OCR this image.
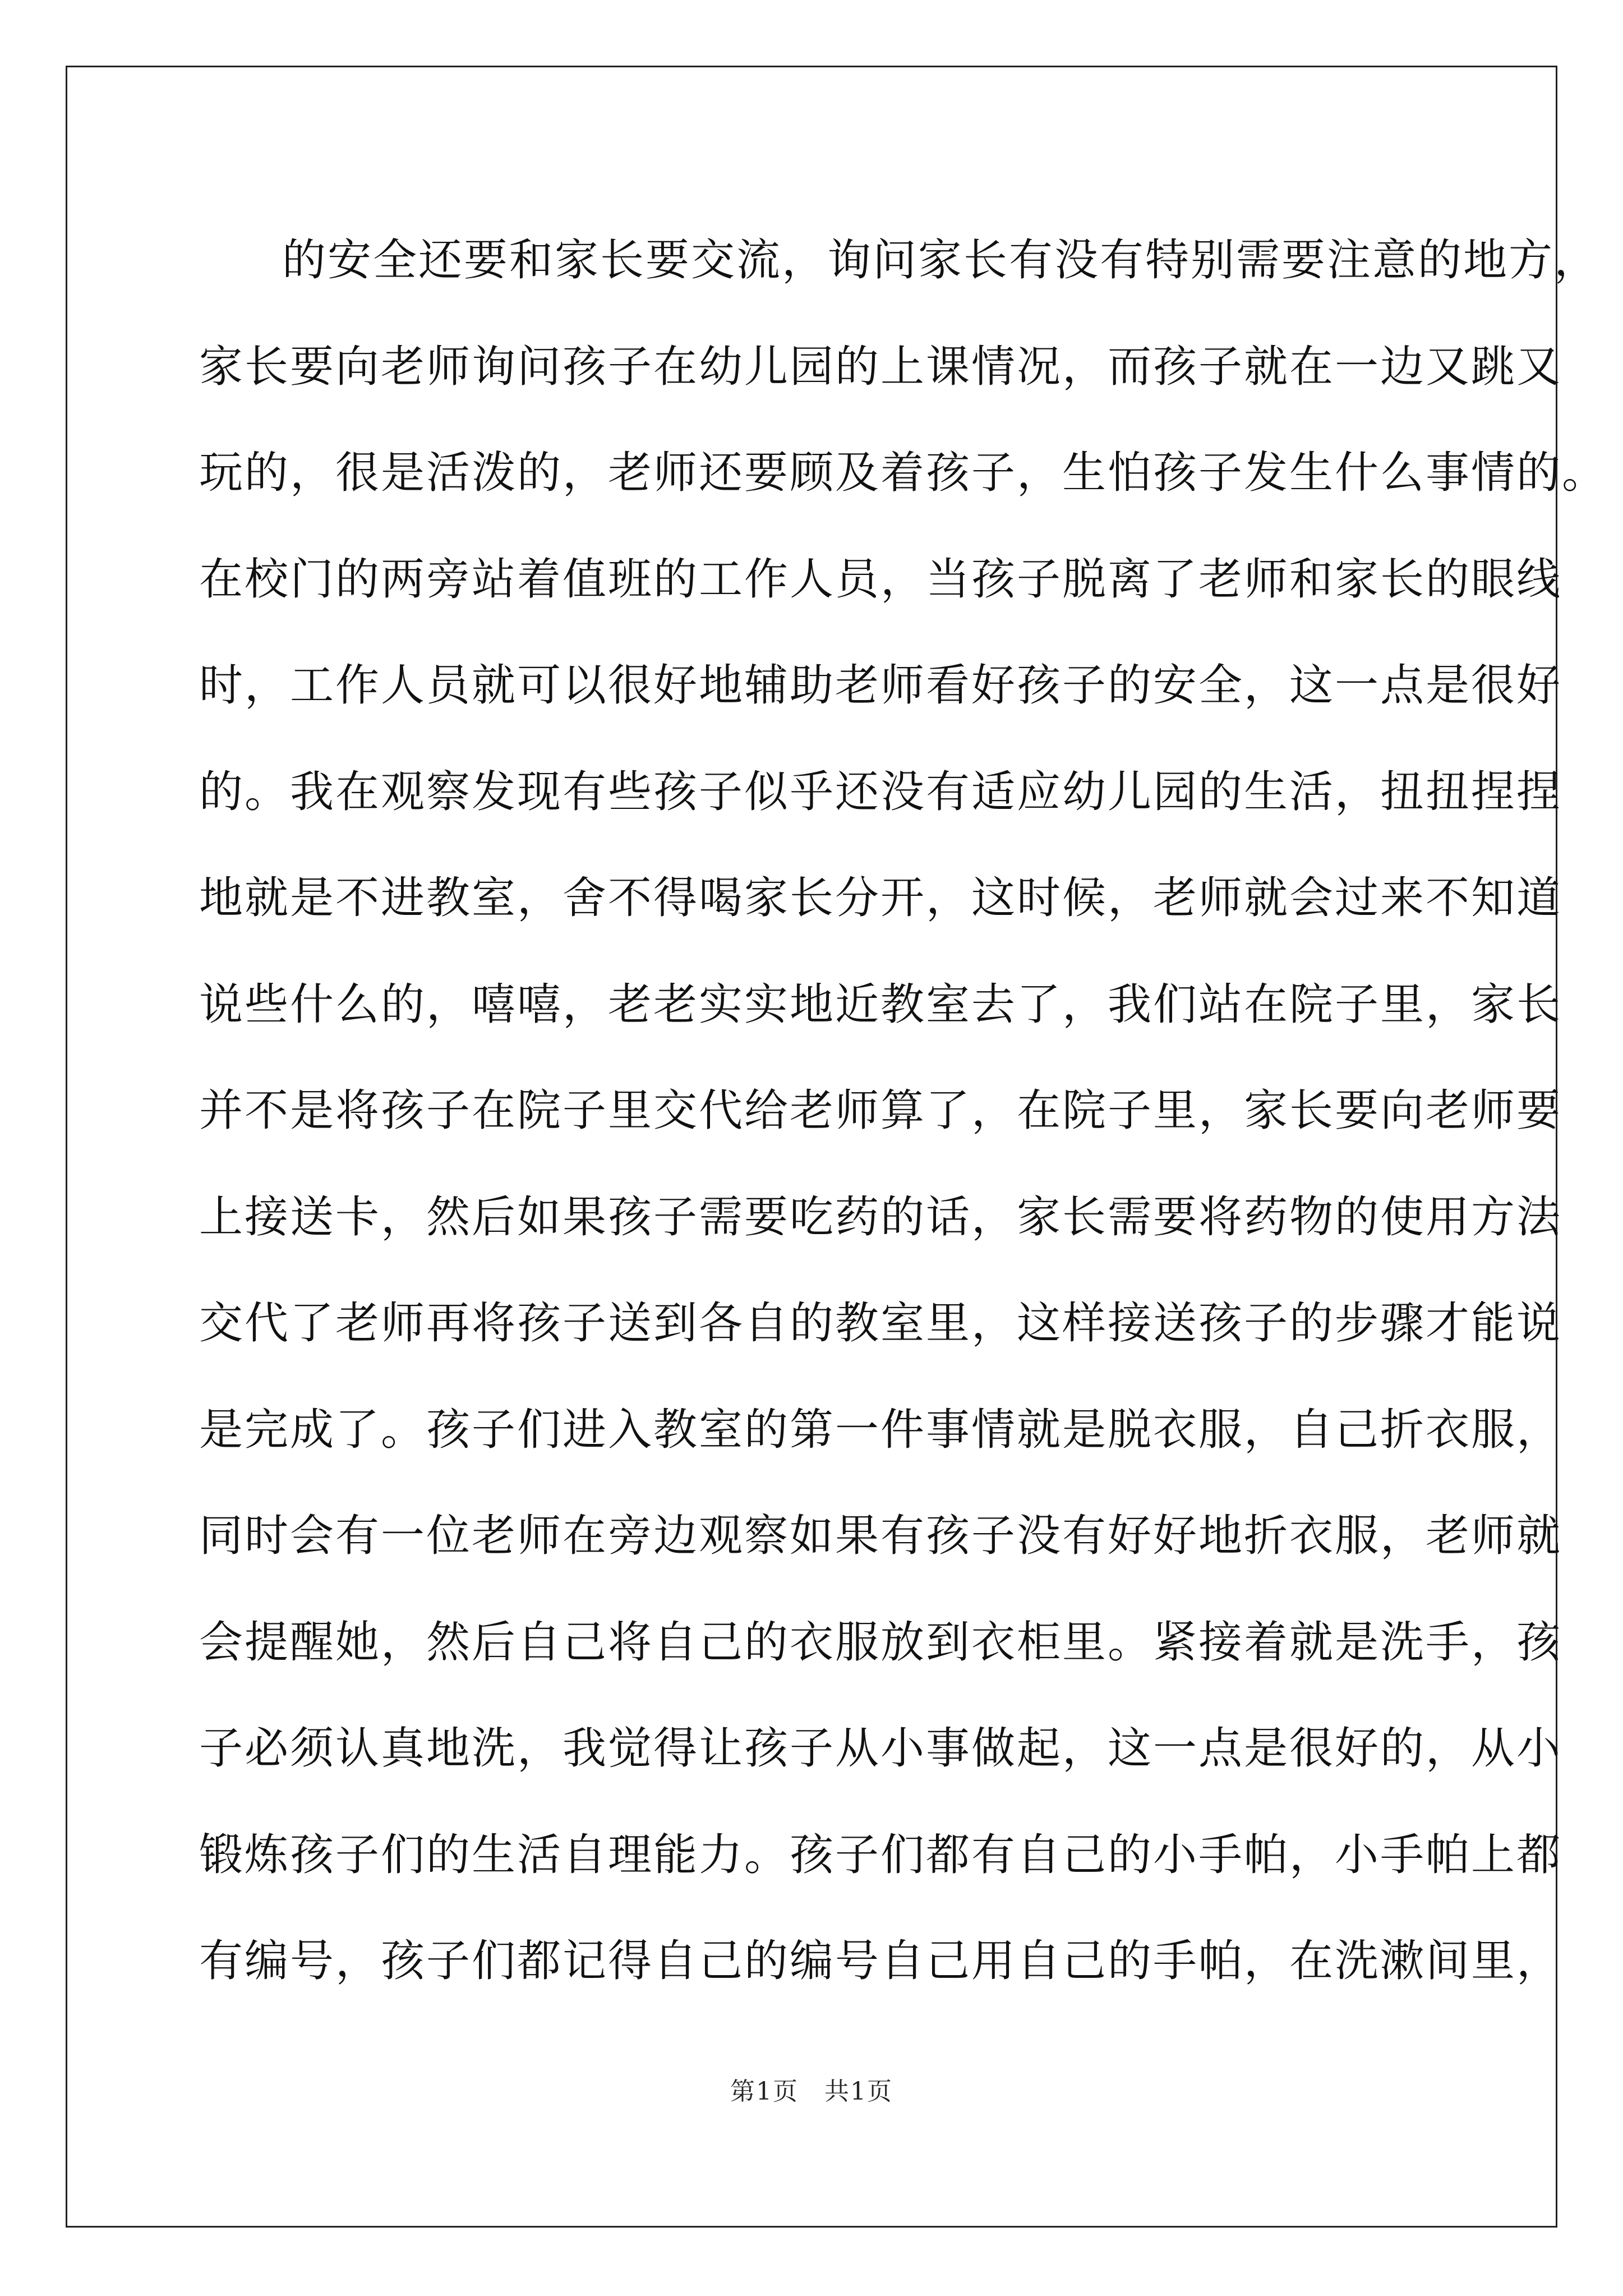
的安全还要和家长要交流，询问家长有没有特别需要注意的地方，
家长要向老师询问孩子在幼儿园的上课情况，而孩子就在一边又跳又
玩的，很是活泼的，老师还要顾及着孩子，生怕孩子发生什么事情的。
在校门的两旁站着值班的工作人员，当孩子脱离了老师和家长的眼线
时，工作人员就可以很好地辅助老师看好孩子的安全，这一点是很好
的。我在观察发现有些孩子似乎还没有适应幼儿园的生活，扭扭捏捏
地就是不进教室，舍不得喝家长分开，这时候，老师就会过来不知道
说些什么的，嘻嘻，老老实实地近教室去了，我们站在院子里，家长
并不是将孩子在院子里交代给老师算了，在院子里，家长要向老师要
上接送卡，然后如果孩子需要吃药的话，家长需要将药物的使用方法
交代了老师再将孩子送到各自的教室里，这样接送孩子的步骤才能说
是完成了。孩子们进入教室的第一件事情就是脱衣服，自己折衣服，
同时会有一位老师在旁边观察如果有孩子没有好好地折衣服，老师就
会提醒她，然后自己将自己的衣服放到衣柜里。紧接着就是洗手，孩
子必须认真地洗，我觉得让孩子从小事做起，这一点是很好的，从小
锻炼孩子们的生活自理能力。孩子们都有自己的小手帕，小手帕上都
有编号，孩子们都记得自己的编号自己用自己的手帕，在洗漱间里，
第1页 共1页
